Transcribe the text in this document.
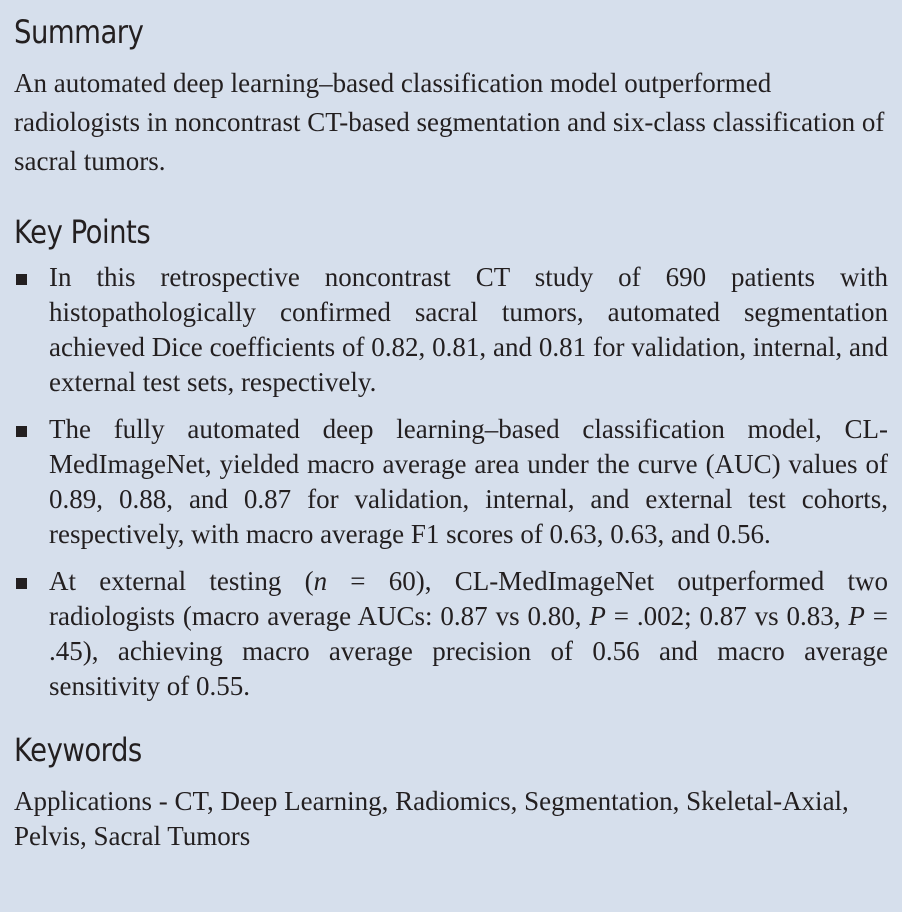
Summary

An automated deep learning–based classification model outperformed radiologists in noncontrast CT-based segmentation and six-class classification of sacral tumors.

Key Points
In this retrospective noncontrast CT study of 690 patients with histopathologically confirmed sacral tumors, automated segmentation achieved Dice coefficients of 0.82, 0.81, and 0.81 for validation, internal, and external test sets, respectively.
The fully automated deep learning–based classification model, CL-MedImageNet, yielded macro average area under the curve (AUC) values of 0.89, 0.88, and 0.87 for validation, internal, and external test cohorts, respectively, with macro average F1 scores of 0.63, 0.63, and 0.56.
At external testing (n = 60), CL-MedImageNet outperformed two radiologists (macro average AUCs: 0.87 vs 0.80, P = .002; 0.87 vs 0.83, P = .45), achieving macro average precision of 0.56 and macro average sensitivity of 0.55.
Keywords

Applications - CT, Deep Learning, Radiomics, Segmentation, Skeletal-Axial, Pelvis, Sacral Tumors
